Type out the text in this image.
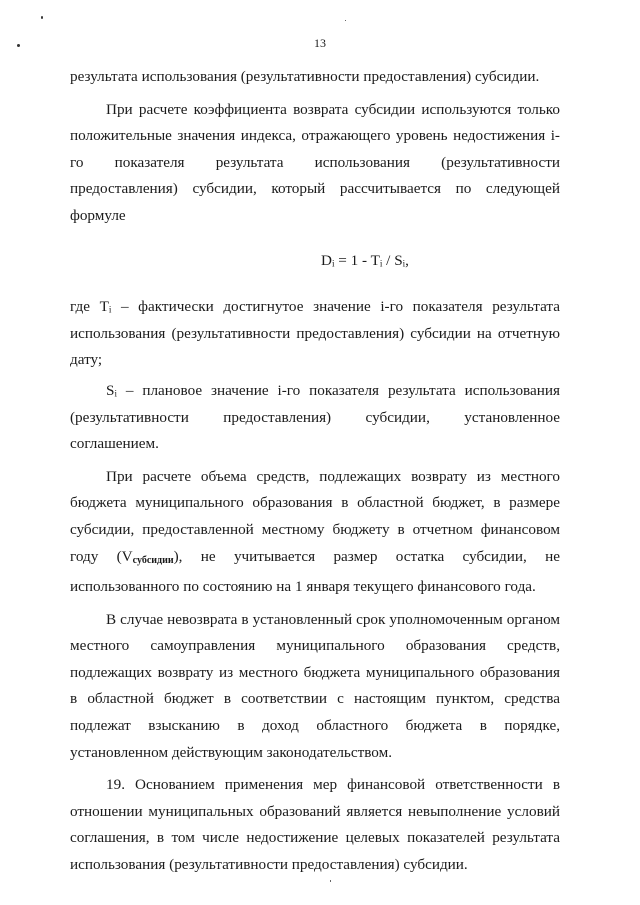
13

результата использования (результативности предоставления) субсидии.

При расчете коэффициента возврата субсидии используются только положительные значения индекса, отражающего уровень недостижения i-го показателя результата использования (результативности предоставления) субсидии, который рассчитывается по следующей формуле

Dᵢ = 1 - Tᵢ / Sᵢ,

где Tᵢ – фактически достигнутое значение i-го показателя результата использования (результативности предоставления) субсидии на отчетную дату;

Sᵢ – плановое значение i-го показателя результата использования (результативности предоставления) субсидии, установленное соглашением.

При расчете объема средств, подлежащих возврату из местного бюджета муниципального образования в областной бюджет, в размере субсидии, предоставленной местному бюджету в отчетном финансовом году $(V_{субсидии})$, не учитывается размер остатка субсидии, не использованного по состоянию на 1 января текущего финансового года.

В случае невозврата в установленный срок уполномоченным органом местного самоуправления муниципального образования средств, подлежащих возврату из местного бюджета муниципального образования в областной бюджет в соответствии с настоящим пунктом, средства подлежат взысканию в доход областного бюджета в порядке, установленном действующим законодательством.

19. Основанием применения мер финансовой ответственности в отношении муниципальных образований является невыполнение условий соглашения, в том числе недостижение целевых показателей результата использования (результативности предоставления) субсидии.
